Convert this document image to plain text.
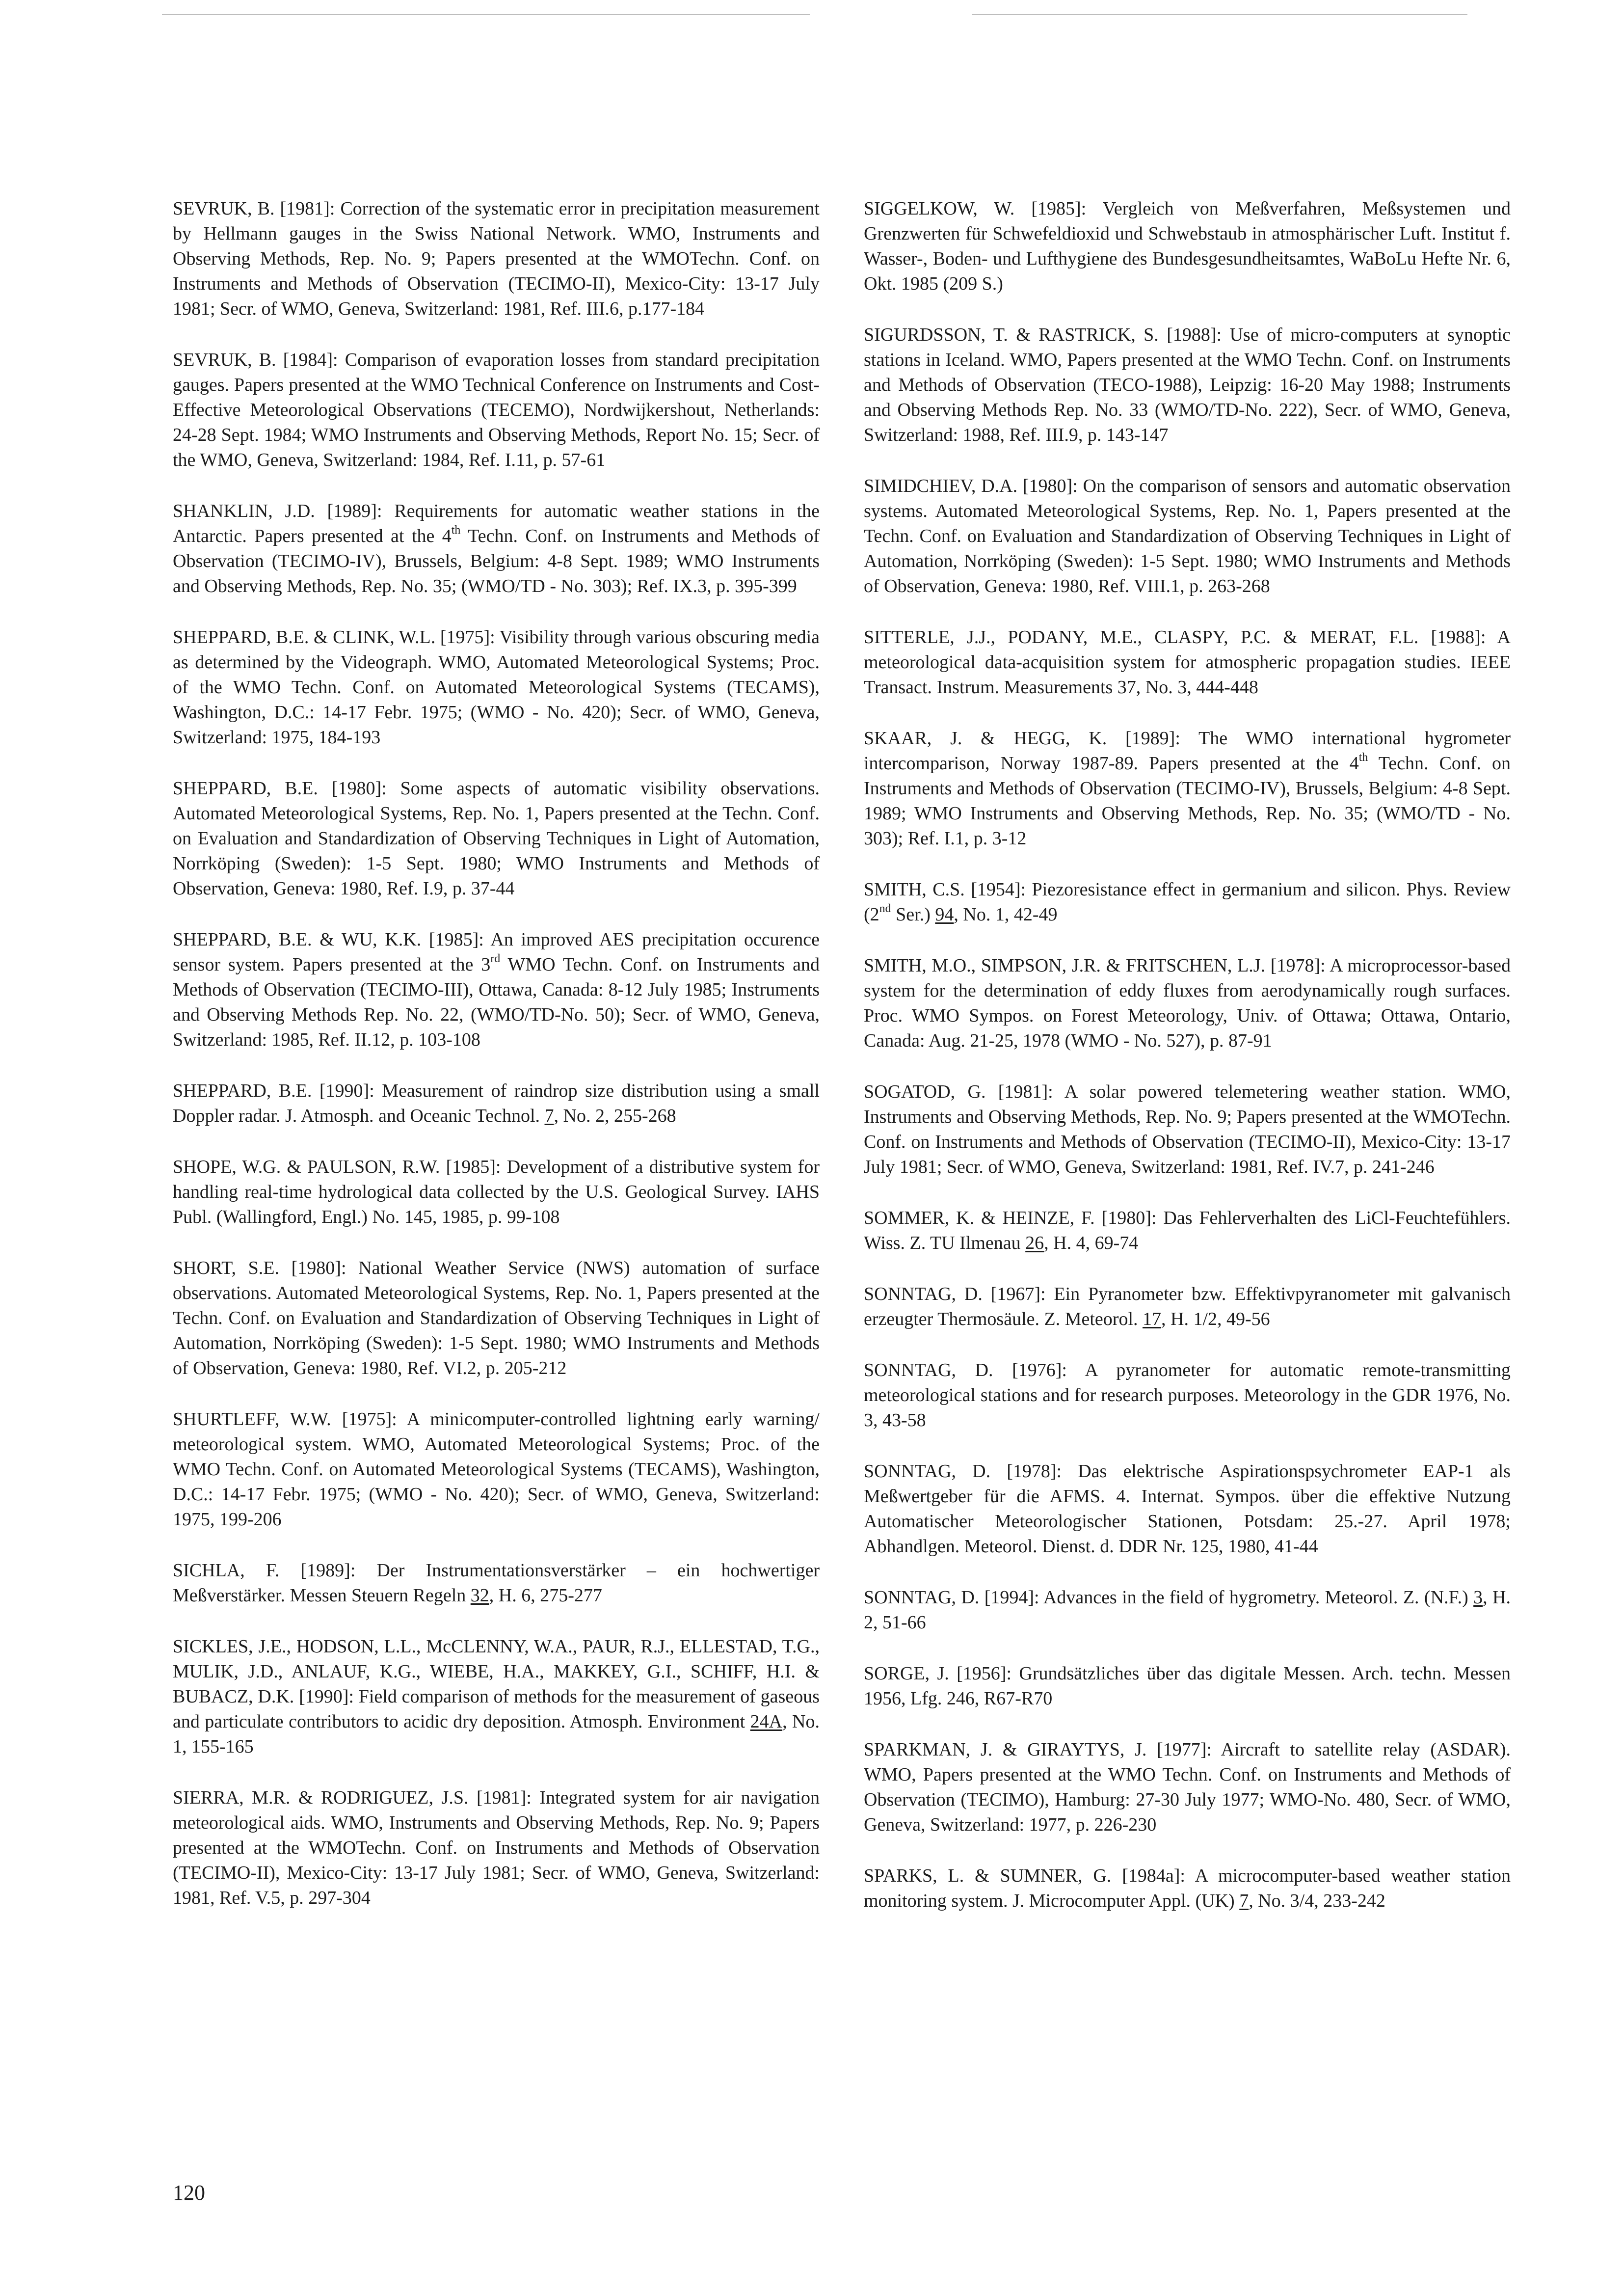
SEVRUK, B. [1981]: Correction of the systematic error in precipitation measurement by Hellmann gauges in the Swiss National Network. WMO, Instruments and Observing Methods, Rep. No. 9; Papers presented at the WMOTechn. Conf. on Instruments and Methods of Observation (TECIMO-II), Mexico-City: 13-17 July 1981; Secr. of WMO, Geneva, Switzerland: 1981, Ref. III.6, p.177-184

SEVRUK, B. [1984]: Comparison of evaporation losses from standard precipitation gauges. Papers presented at the WMO Technical Conference on Instruments and Cost-Effective Meteorological Observations (TECEMO), Nordwijkershout, Netherlands: 24-28 Sept. 1984; WMO Instruments and Observing Methods, Report No. 15; Secr. of the WMO, Geneva, Switzerland: 1984, Ref. I.11, p. 57-61

SHANKLIN, J.D. [1989]: Requirements for automatic weather stations in the Antarctic. Papers presented at the 4th Techn. Conf. on Instruments and Methods of Observation (TECIMO-IV), Brussels, Belgium: 4-8 Sept. 1989; WMO Instruments and Observing Methods, Rep. No. 35; (WMO/TD - No. 303); Ref. IX.3, p. 395-399

SHEPPARD, B.E. & CLINK, W.L. [1975]: Visibility through various obscuring media as determined by the Videograph. WMO, Automated Meteorological Systems; Proc. of the WMO Techn. Conf. on Automated Meteorological Systems (TECAMS), Washington, D.C.: 14-17 Febr. 1975; (WMO - No. 420); Secr. of WMO, Geneva, Switzerland: 1975, 184-193

SHEPPARD, B.E. [1980]: Some aspects of automatic visibility observations. Automated Meteorological Systems, Rep. No. 1, Papers presented at the Techn. Conf. on Evaluation and Standardization of Observing Techniques in Light of Automation, Norrköping (Sweden): 1-5 Sept. 1980; WMO Instruments and Methods of Observation, Geneva: 1980, Ref. I.9, p. 37-44

SHEPPARD, B.E. & WU, K.K. [1985]: An improved AES precipitation occurence sensor system. Papers presented at the 3rd WMO Techn. Conf. on Instruments and Methods of Observation (TECIMO-III), Ottawa, Canada: 8-12 July 1985; Instruments and Observing Methods Rep. No. 22, (WMO/TD-No. 50); Secr. of WMO, Geneva, Switzerland: 1985, Ref. II.12, p. 103-108

SHEPPARD, B.E. [1990]: Measurement of raindrop size distribution using a small Doppler radar. J. Atmosph. and Oceanic Technol. 7, No. 2, 255-268

SHOPE, W.G. & PAULSON, R.W. [1985]: Development of a distributive system for handling real-time hydrological data collected by the U.S. Geological Survey. IAHS Publ. (Wallingford, Engl.) No. 145, 1985, p. 99-108

SHORT, S.E. [1980]: National Weather Service (NWS) automation of surface observations. Automated Meteorological Systems, Rep. No. 1, Papers presented at the Techn. Conf. on Evaluation and Standardization of Observing Techniques in Light of Automation, Norrköping (Sweden): 1-5 Sept. 1980; WMO Instruments and Methods of Observation, Geneva: 1980, Ref. VI.2, p. 205-212

SHURTLEFF, W.W. [1975]: A minicomputer-controlled lightning early warning/ meteorological system. WMO, Automated Meteorological Systems; Proc. of the WMO Techn. Conf. on Automated Meteorological Systems (TECAMS), Washington, D.C.: 14-17 Febr. 1975; (WMO - No. 420); Secr. of WMO, Geneva, Switzerland: 1975, 199-206

SICHLA, F. [1989]: Der Instrumentationsverstärker – ein hochwertiger Meßverstärker. Messen Steuern Regeln 32, H. 6, 275-277

SICKLES, J.E., HODSON, L.L., McCLENNY, W.A., PAUR, R.J., ELLESTAD, T.G., MULIK, J.D., ANLAUF, K.G., WIEBE, H.A., MAKKEY, G.I., SCHIFF, H.I. & BUBACZ, D.K. [1990]: Field comparison of methods for the measurement of gaseous and particulate contributors to acidic dry deposition. Atmosph. Environment 24A, No. 1, 155-165

SIERRA, M.R. & RODRIGUEZ, J.S. [1981]: Integrated system for air navigation meteorological aids. WMO, Instruments and Observing Methods, Rep. No. 9; Papers presented at the WMOTechn. Conf. on Instruments and Methods of Observation (TECIMO-II), Mexico-City: 13-17 July 1981; Secr. of WMO, Geneva, Switzerland: 1981, Ref. V.5, p. 297-304

SIGGELKOW, W. [1985]: Vergleich von Meßverfahren, Meßsystemen und Grenzwerten für Schwefeldioxid und Schwebstaub in atmosphärischer Luft. Institut f. Wasser-, Boden- und Lufthygiene des Bundesgesundheitsamtes, WaBoLu Hefte Nr. 6, Okt. 1985 (209 S.)

SIGURDSSON, T. & RASTRICK, S. [1988]: Use of micro-computers at synoptic stations in Iceland. WMO, Papers presented at the WMO Techn. Conf. on Instruments and Methods of Observation (TECO-1988), Leipzig: 16-20 May 1988; Instruments and Observing Methods Rep. No. 33 (WMO/TD-No. 222), Secr. of WMO, Geneva, Switzerland: 1988, Ref. III.9, p. 143-147

SIMIDCHIEV, D.A. [1980]: On the comparison of sensors and automatic observation systems. Automated Meteorological Systems, Rep. No. 1, Papers presented at the Techn. Conf. on Evaluation and Standardization of Observing Techniques in Light of Automation, Norrköping (Sweden): 1-5 Sept. 1980; WMO Instruments and Methods of Observation, Geneva: 1980, Ref. VIII.1, p. 263-268

SITTERLE, J.J., PODANY, M.E., CLASPY, P.C. & MERAT, F.L. [1988]: A meteorological data-acquisition system for atmospheric propagation studies. IEEE Transact. Instrum. Measurements 37, No. 3, 444-448

SKAAR, J. & HEGG, K. [1989]: The WMO international hygrometer intercomparison, Norway 1987-89. Papers presented at the 4th Techn. Conf. on Instruments and Methods of Observation (TECIMO-IV), Brussels, Belgium: 4-8 Sept. 1989; WMO Instruments and Observing Methods, Rep. No. 35; (WMO/TD - No. 303); Ref. I.1, p. 3-12

SMITH, C.S. [1954]: Piezoresistance effect in germanium and silicon. Phys. Review (2nd Ser.) 94, No. 1, 42-49

SMITH, M.O., SIMPSON, J.R. & FRITSCHEN, L.J. [1978]: A microprocessor-based system for the determination of eddy fluxes from aerodynamically rough surfaces. Proc. WMO Sympos. on Forest Meteorology, Univ. of Ottawa; Ottawa, Ontario, Canada: Aug. 21-25, 1978 (WMO - No. 527), p. 87-91

SOGATOD, G. [1981]: A solar powered telemetering weather station. WMO, Instruments and Observing Methods, Rep. No. 9; Papers presented at the WMOTechn. Conf. on Instruments and Methods of Observation (TECIMO-II), Mexico-City: 13-17 July 1981; Secr. of WMO, Geneva, Switzerland: 1981, Ref. IV.7, p. 241-246

SOMMER, K. & HEINZE, F. [1980]: Das Fehlerverhalten des LiCl-Feuchtefühlers. Wiss. Z. TU Ilmenau 26, H. 4, 69-74

SONNTAG, D. [1967]: Ein Pyranometer bzw. Effektivpyranometer mit galvanisch erzeugter Thermosäule. Z. Meteorol. 17, H. 1/2, 49-56

SONNTAG, D. [1976]: A pyranometer for automatic remote-transmitting meteorological stations and for research purposes. Meteorology in the GDR 1976, No. 3, 43-58

SONNTAG, D. [1978]: Das elektrische Aspirationspsychrometer EAP-1 als Meßwertgeber für die AFMS. 4. Internat. Sympos. über die effektive Nutzung Automatischer Meteorologischer Stationen, Potsdam: 25.-27. April 1978; Abhandlgen. Meteorol. Dienst. d. DDR Nr. 125, 1980, 41-44

SONNTAG, D. [1994]: Advances in the field of hygrometry. Meteorol. Z. (N.F.) 3, H. 2, 51-66

SORGE, J. [1956]: Grundsätzliches über das digitale Messen. Arch. techn. Messen 1956, Lfg. 246, R67-R70

SPARKMAN, J. & GIRAYTYS, J. [1977]: Aircraft to satellite relay (ASDAR). WMO, Papers presented at the WMO Techn. Conf. on Instruments and Methods of Observation (TECIMO), Hamburg: 27-30 July 1977; WMO-No. 480, Secr. of WMO, Geneva, Switzerland: 1977, p. 226-230

SPARKS, L. & SUMNER, G. [1984a]: A microcomputer-based weather station monitoring system. J. Microcomputer Appl. (UK) 7, No. 3/4, 233-242

120
